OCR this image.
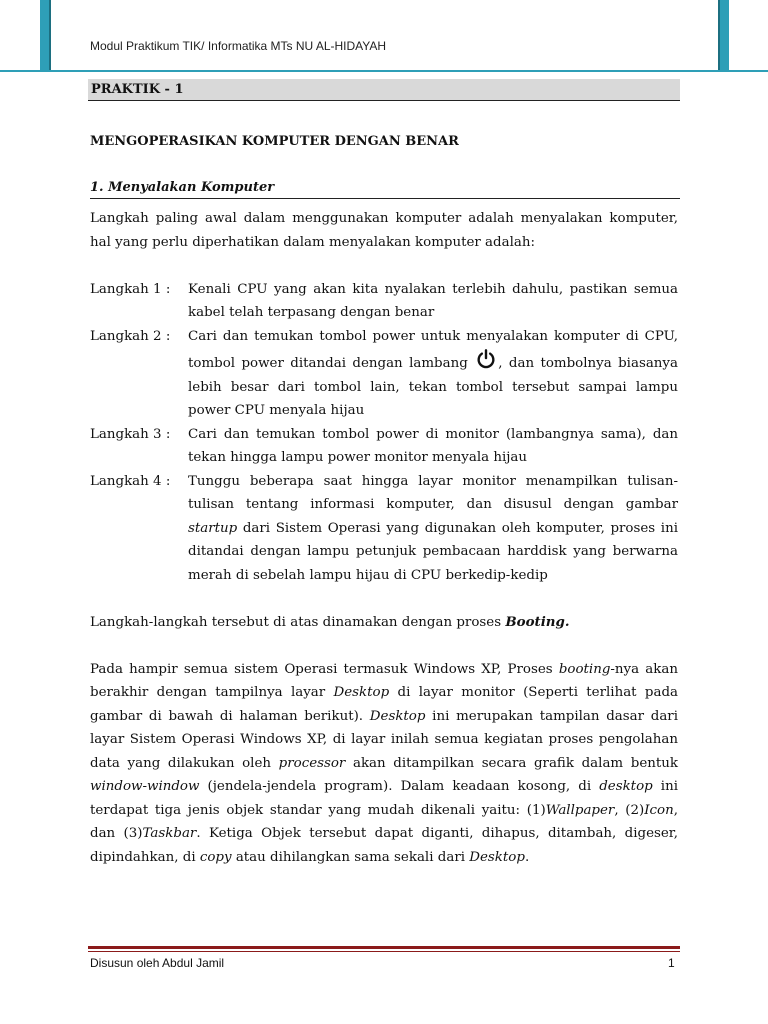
Modul Praktikum TIK/ Informatika MTs NU AL-HIDAYAH
PRAKTIK - 1
MENGOPERASIKAN KOMPUTER DENGAN BENAR
1. Menyalakan Komputer

Langkah paling awal dalam menggunakan komputer adalah menyalakan komputer, hal yang perlu diperhatikan dalam menyalakan komputer adalah:

Langkah 1 :	Kenali CPU yang akan kita nyalakan terlebih dahulu, pastikan semua kabel telah terpasang dengan benar
Langkah 2 :	Cari dan temukan tombol power untuk menyalakan komputer di CPU, tombol power ditandai dengan lambang , dan tombolnya biasanya lebih besar dari tombol lain, tekan tombol tersebut sampai lampu power CPU menyala hijau
Langkah 3 :	Cari dan temukan tombol power di monitor (lambangnya sama), dan tekan hingga lampu power monitor menyala hijau
Langkah 4 :	Tunggu beberapa saat hingga layar monitor menampilkan tulisan-tulisan tentang informasi komputer, dan disusul dengan gambar startup dari Sistem Operasi yang digunakan oleh komputer, proses ini ditandai dengan lampu petunjuk pembacaan harddisk yang berwarna merah di sebelah lampu hijau di CPU berkedip-kedip

Langkah-langkah tersebut di atas dinamakan dengan proses Booting.

Pada hampir semua sistem Operasi termasuk Windows XP, Proses booting-nya akan berakhir dengan tampilnya layar Desktop di layar monitor (Seperti terlihat pada gambar di bawah di halaman berikut). Desktop ini merupakan tampilan dasar dari layar Sistem Operasi Windows XP, di layar inilah semua kegiatan proses pengolahan data yang dilakukan oleh processor akan ditampilkan secara grafik dalam bentuk window-window (jendela-jendela program). Dalam keadaan kosong, di desktop ini terdapat tiga jenis objek standar yang mudah dikenali yaitu: (1)Wallpaper, (2)Icon, dan (3)Taskbar. Ketiga Objek tersebut dapat diganti, dihapus, ditambah, digeser, dipindahkan, di copy atau dihilangkan sama sekali dari Desktop.

Disusun oleh Abdul Jamil	1
